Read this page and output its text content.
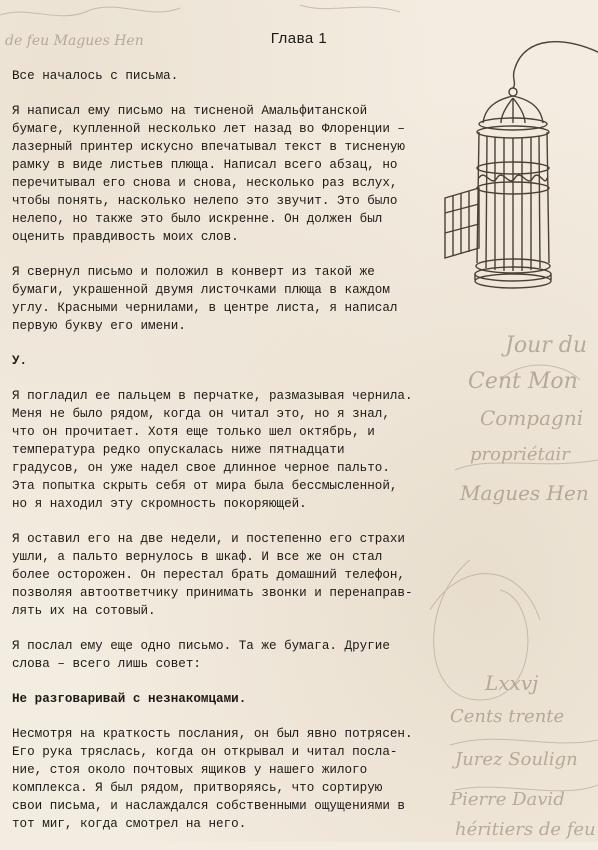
Jour du
Cent Mon
Compagni
propriétair
Magues Hen
Lxxvj
Cents trente
Jurez Soulign
Pierre David
héritiers de feu
de feu Magues Hen	Глава 1

Все началось с письма.

Я написал ему письмо на тисненой Амальфитанской
бумаге, купленной несколько лет назад во Флоренции –
лазерный принтер искусно впечатывал текст в тисненую
рамку в виде листьев плюща. Написал всего абзац, но
перечитывал его снова и снова, несколько раз вслух,
чтобы понять, насколько нелепо это звучит. Это было
нелепо, но также это было искренне. Он должен был
оценить правдивость моих слов.

Я свернул письмо и положил в конверт из такой же
бумаги, украшенной двумя листочками плюща в каждом
углу. Красными чернилами, в центре листа, я написал
первую букву его имени.

У.

Я погладил ее пальцем в перчатке, размазывая чернила.
Меня не было рядом, когда он читал это, но я знал,
что он прочитает. Хотя еще только шел октябрь, и
температура редко опускалась ниже пятнадцати
градусов, он уже надел свое длинное черное пальто.
Эта попытка скрыть себя от мира была бессмысленной,
но я находил эту скромность покоряющей.

Я оставил его на две недели, и постепенно его страхи
ушли, а пальто вернулось в шкаф. И все же он стал
более осторожен. Он перестал брать домашний телефон,
позволяя автоответчику принимать звонки и перенаправ-
лять их на сотовый.

Я послал ему еще одно письмо. Та же бумага. Другие
слова – всего лишь совет:

Не разговаривай с незнакомцами.

Несмотря на краткость послания, он был явно потрясен.
Его рука тряслась, когда он открывал и читал посла-
ние, стоя около почтовых ящиков у нашего жилого
комплекса. Я был рядом, притворяясь, что сортирую
свои письма, и наслаждался собственными ощущениями в
тот миг, когда смотрел на него.
